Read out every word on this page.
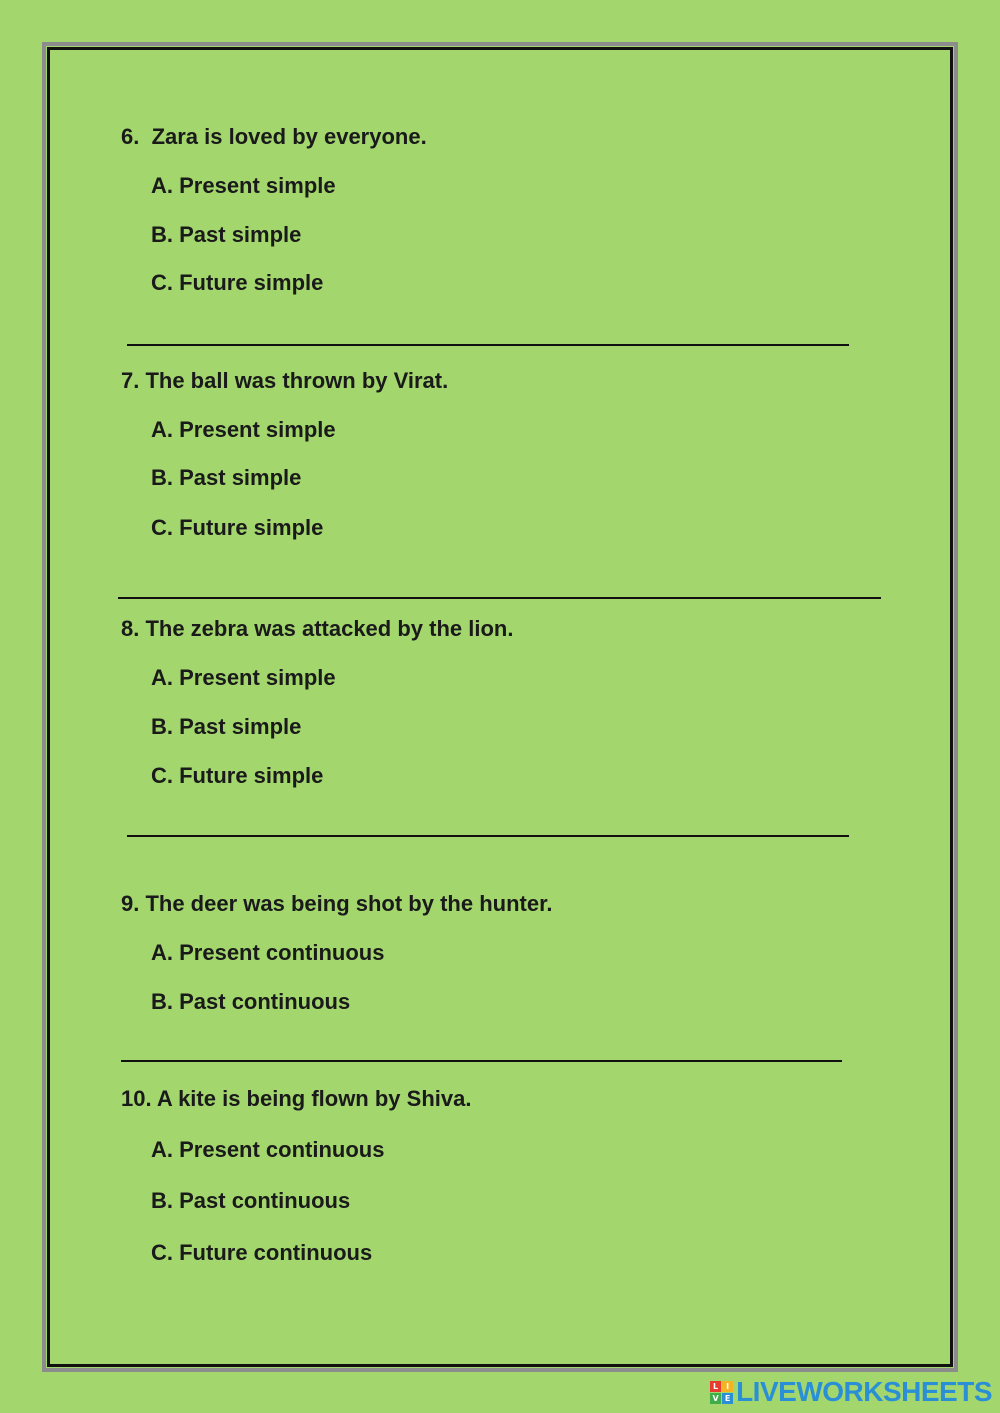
6.  Zara is loved by everyone.
A. Present simple
B. Past simple
C. Future simple
7. The ball was thrown by Virat.
A. Present simple
B. Past simple
C. Future simple
8. The zebra was attacked by the lion.
A. Present simple
B. Past simple
C. Future simple
9. The deer was being shot by the hunter.
A. Present continuous
B. Past continuous
10. A kite is being flown by Shiva.
A. Present continuous
B. Past continuous
C. Future continuous
L I
V E LIVEWORKSHEETS
